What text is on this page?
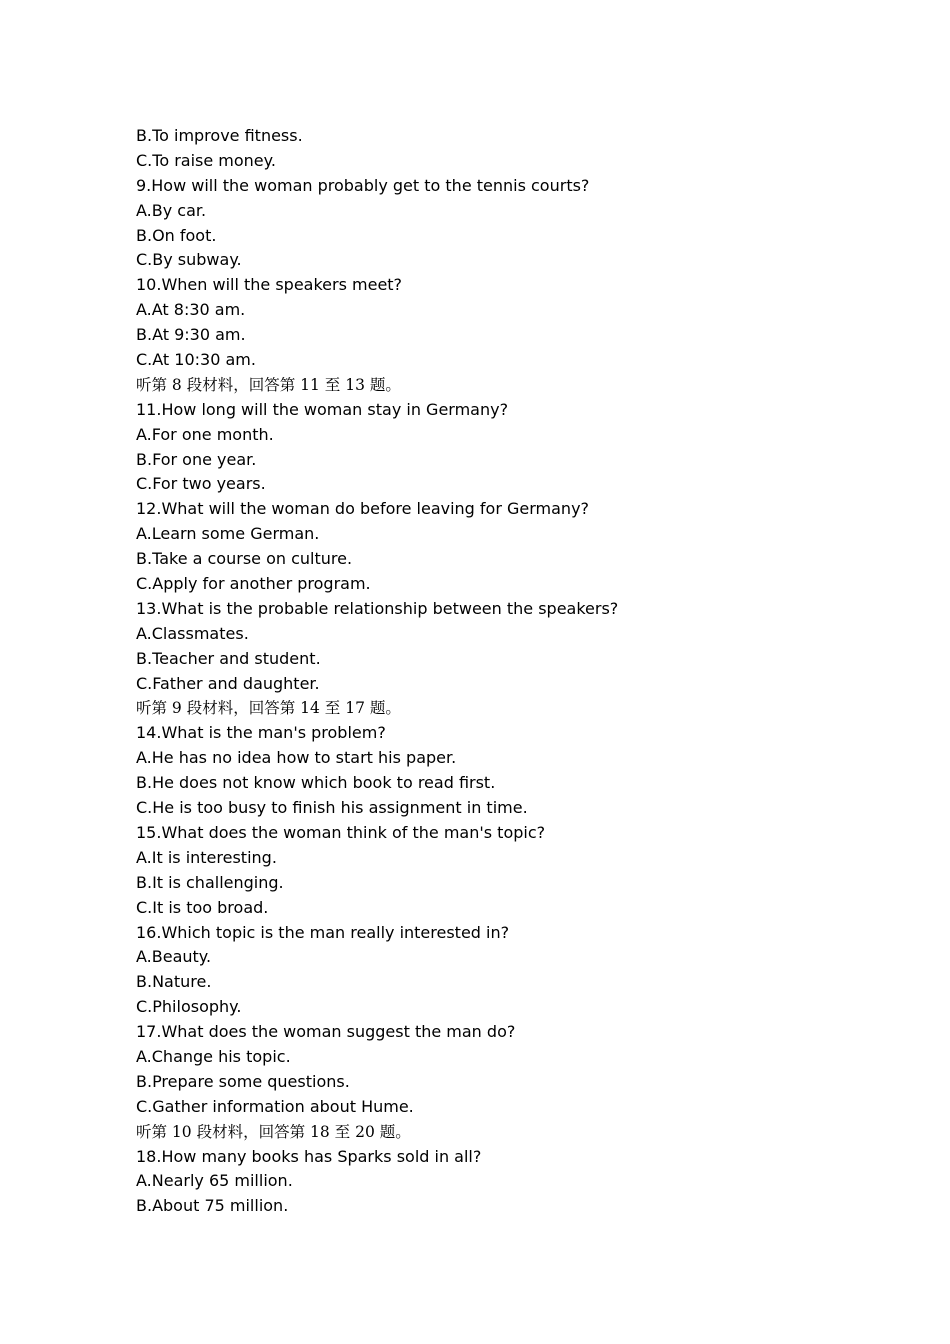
B.To improve fitness.
C.To raise money.
9.How will the woman probably get to the tennis courts?
A.By car.
B.On foot.
C.By subway.
10.When will the speakers meet?
A.At 8:30 am.
B.At 9:30 am.
C.At 10:30 am.
听第 8 段材料，回答第 11 至 13 题。
11.How long will the woman stay in Germany?
A.For one month.
B.For one year.
C.For two years.
12.What will the woman do before leaving for Germany?
A.Learn some German.
B.Take a course on culture.
C.Apply for another program.
13.What is the probable relationship between the speakers?
A.Classmates.
B.Teacher and student.
C.Father and daughter.
听第 9 段材料，回答第 14 至 17 题。
14.What is the man's problem?
A.He has no idea how to start his paper.
B.He does not know which book to read first.
C.He is too busy to finish his assignment in time.
15.What does the woman think of the man's topic?
A.It is interesting.
B.It is challenging.
C.It is too broad.
16.Which topic is the man really interested in?
A.Beauty.
B.Nature.
C.Philosophy.
17.What does the woman suggest the man do?
A.Change his topic.
B.Prepare some questions.
C.Gather information about Hume.
听第 10 段材料，回答第 18 至 20 题。
18.How many books has Sparks sold in all?
A.Nearly 65 million.
B.About 75 million.
